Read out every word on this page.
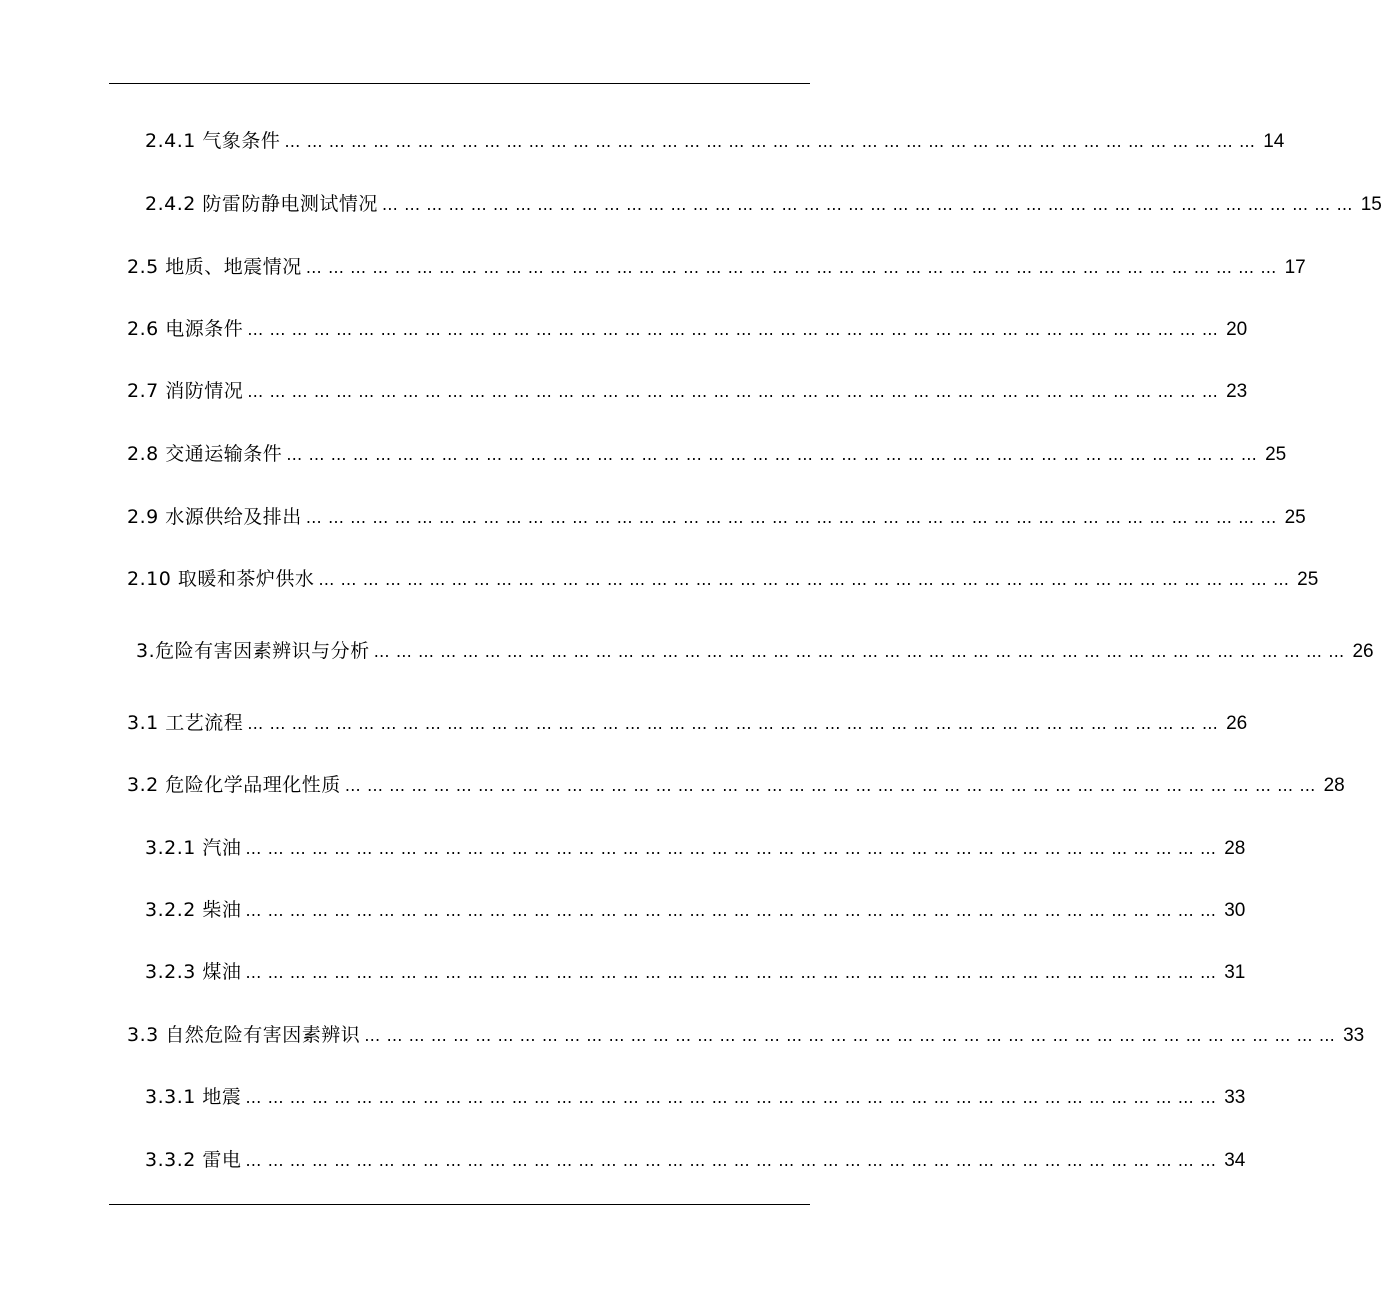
2.4.1 气象条件 …………………………………………………………………………………………………………………… 14
2.4.2 防雷防静电测试情况 …………………………………………………………………………………………………………………… 15
2.5 地质、地震情况 …………………………………………………………………………………………………………………… 17
2.6 电源条件 …………………………………………………………………………………………………………………… 20
2.7 消防情况 …………………………………………………………………………………………………………………… 23
2.8 交通运输条件 …………………………………………………………………………………………………………………… 25
2.9 水源供给及排出 …………………………………………………………………………………………………………………… 25
2.10 取暖和茶炉供水 …………………………………………………………………………………………………………………… 25
3.危险有害因素辨识与分析 …………………………………………………………………………………………………………………… 26
3.1 工艺流程 …………………………………………………………………………………………………………………… 26
3.2 危险化学品理化性质 …………………………………………………………………………………………………………………… 28
3.2.1 汽油 …………………………………………………………………………………………………………………… 28
3.2.2 柴油 …………………………………………………………………………………………………………………… 30
3.2.3 煤油 …………………………………………………………………………………………………………………… 31
3.3 自然危险有害因素辨识 …………………………………………………………………………………………………………………… 33
3.3.1 地震 …………………………………………………………………………………………………………………… 33
3.3.2 雷电 …………………………………………………………………………………………………………………… 34
